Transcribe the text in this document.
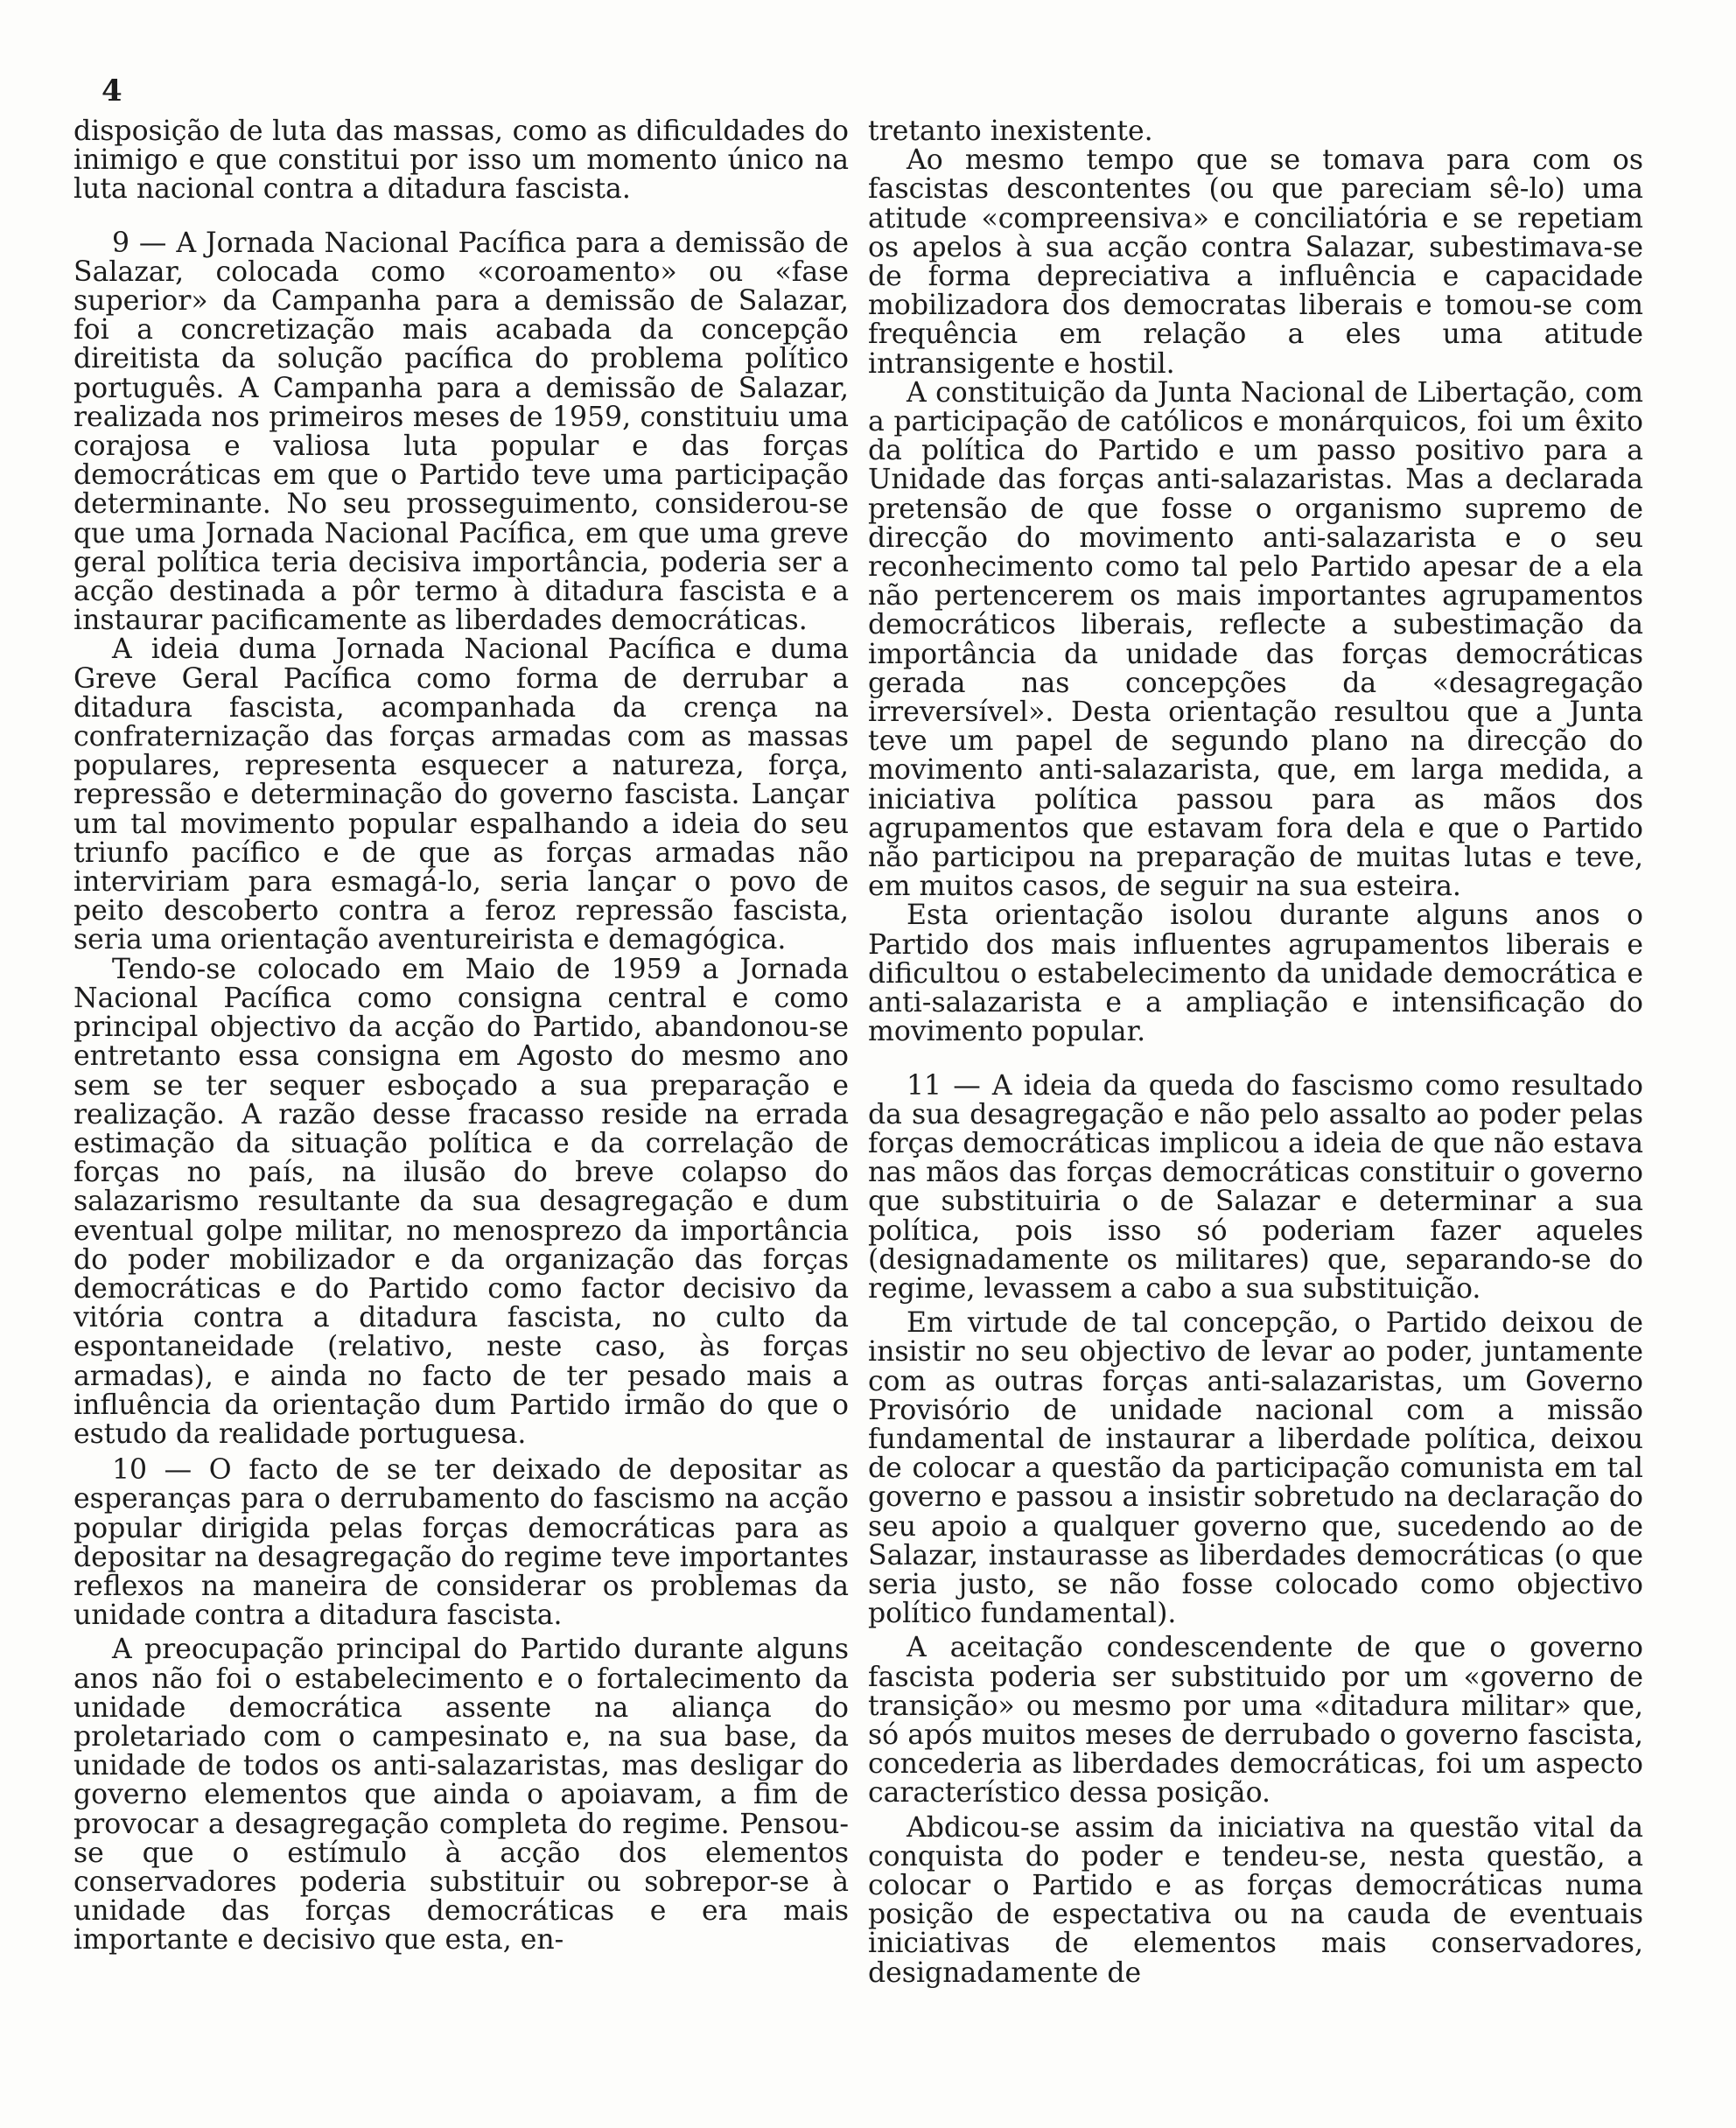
4

disposição de luta das massas, como as dificuldades do inimigo e que constitui por isso um momento único na luta nacional contra a ditadura fascista.

9 — A Jornada Nacional Pacífica para a demissão de Salazar, colocada como «coroamento» ou «fase superior» da Campanha para a demissão de Salazar, foi a concretização mais acabada da concepção direitista da solução pacífica do problema político português. A Campanha para a demissão de Salazar, realizada nos primeiros meses de 1959, constituiu uma corajosa e valiosa luta popular e das forças democráticas em que o Partido teve uma participação determinante. No seu prosseguimento, considerou-se que uma Jornada Nacional Pacífica, em que uma greve geral política teria decisiva importância, poderia ser a acção destinada a pôr termo à ditadura fascista e a instaurar pacificamente as liberdades democráticas.

A ideia duma Jornada Nacional Pacífica e duma Greve Geral Pacífica como forma de derrubar a ditadura fascista, acompanhada da crença na confraternização das forças armadas com as massas populares, representa esquecer a natureza, força, repressão e determinação do governo fascista. Lançar um tal movimento popular espalhando a ideia do seu triunfo pacífico e de que as forças armadas não interviriam para esmagá-lo, seria lançar o povo de peito descoberto contra a feroz repressão fascista, seria uma orientação aventureirista e demagógica.

Tendo-se colocado em Maio de 1959 a Jornada Nacional Pacífica como consigna central e como principal objectivo da acção do Partido, abandonou-se entretanto essa consigna em Agosto do mesmo ano sem se ter sequer esboçado a sua preparação e realização. A razão desse fracasso reside na errada estimação da situação política e da correlação de forças no país, na ilusão do breve colapso do salazarismo resultante da sua desagregação e dum eventual golpe militar, no menosprezo da importância do poder mobilizador e da organização das forças democráticas e do Partido como factor decisivo da vitória contra a ditadura fascista, no culto da espontaneidade (relativo, neste caso, às forças armadas), e ainda no facto de ter pesado mais a influência da orientação dum Partido irmão do que o estudo da realidade portuguesa.

10 — O facto de se ter deixado de depositar as esperanças para o derrubamento do fascismo na acção popular dirigida pelas forças democráticas para as depositar na desagregação do regime teve importantes reflexos na maneira de considerar os problemas da unidade contra a ditadura fascista.

A preocupação principal do Partido durante alguns anos não foi o estabelecimento e o fortalecimento da unidade democrática assente na aliança do proletariado com o campesinato e, na sua base, da unidade de todos os anti-salazaristas, mas desligar do governo elementos que ainda o apoiavam, a fim de provocar a desagregação completa do regime. Pensou-se que o estímulo à acção dos elementos conservadores poderia substituir ou sobrepor-se à unidade das forças democráticas e era mais importante e decisivo que esta, en-

tretanto inexistente.

Ao mesmo tempo que se tomava para com os fascistas descontentes (ou que pareciam sê-lo) uma atitude «compreensiva» e conciliatória e se repetiam os apelos à sua acção contra Salazar, subestimava-se de forma depreciativa a influência e capacidade mobilizadora dos democratas liberais e tomou-se com frequência em relação a eles uma atitude intransigente e hostil.

A constituição da Junta Nacional de Libertação, com a participação de católicos e monárquicos, foi um êxito da política do Partido e um passo positivo para a Unidade das forças anti-salazaristas. Mas a declarada pretensão de que fosse o organismo supremo de direcção do movimento anti-salazarista e o seu reconhecimento como tal pelo Partido apesar de a ela não pertencerem os mais importantes agrupamentos democráticos liberais, reflecte a subestimação da importância da unidade das forças democráticas gerada nas concepções da «desagregação irreversível». Desta orientação resultou que a Junta teve um papel de segundo plano na direcção do movimento anti-salazarista, que, em larga medida, a iniciativa política passou para as mãos dos agrupamentos que estavam fora dela e que o Partido não participou na preparação de muitas lutas e teve, em muitos casos, de seguir na sua esteira.

Esta orientação isolou durante alguns anos o Partido dos mais influentes agrupamentos liberais e dificultou o estabelecimento da unidade democrática e anti-salazarista e a ampliação e intensificação do movimento popular.

11 — A ideia da queda do fascismo como resultado da sua desagregação e não pelo assalto ao poder pelas forças democráticas implicou a ideia de que não estava nas mãos das forças democráticas constituir o governo que substituiria o de Salazar e determinar a sua política, pois isso só poderiam fazer aqueles (designadamente os militares) que, separando-se do regime, levassem a cabo a sua substituição.

Em virtude de tal concepção, o Partido deixou de insistir no seu objectivo de levar ao poder, juntamente com as outras forças anti-salazaristas, um Governo Provisório de unidade nacional com a missão fundamental de instaurar a liberdade política, deixou de colocar a questão da participação comunista em tal governo e passou a insistir sobretudo na declaração do seu apoio a qualquer governo que, sucedendo ao de Salazar, instaurasse as liberdades democráticas (o que seria justo, se não fosse colocado como objectivo político fundamental).

A aceitação condescendente de que o governo fascista poderia ser substituido por um «governo de transição» ou mesmo por uma «ditadura militar» que, só após muitos meses de derrubado o governo fascista, concederia as liberdades democráticas, foi um aspecto característico dessa posição.

Abdicou-se assim da iniciativa na questão vital da conquista do poder e tendeu-se, nesta questão, a colocar o Partido e as forças democráticas numa posição de espectativa ou na cauda de eventuais iniciativas de elementos mais conservadores, designadamente de
